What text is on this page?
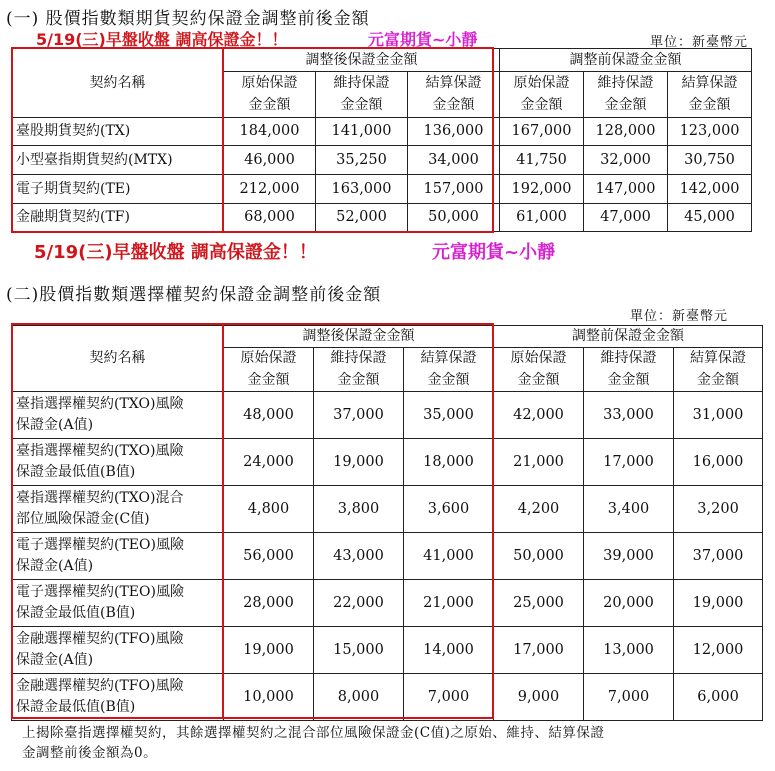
(一) 股價指數類期貨契約保證金調整前後金額
5/19(三)早盤收盤 調高保證金！！	元富期貨~小靜	單位：新臺幣元
契約名稱	調整後保證金金額			調整前保證金金額		
	原始保證	維持保證	結算保證	原始保證	維持保證	結算保證
	金金額	金金額	金金額	金金額	金金額	金金額
臺股期貨契約(TX)	184,000	141,000	136,000	167,000	128,000	123,000
小型臺指期貨契約(MTX)	46,000	35,250	34,000	41,750	32,000	30,750
電子期貨契約(TE)	212,000	163,000	157,000	192,000	147,000	142,000
金融期貨契約(TF)	68,000	52,000	50,000	61,000	47,000	45,000
5/19(三)早盤收盤 調高保證金！！	元富期貨~小靜
(二)股價指數類選擇權契約保證金調整前後金額
單位：新臺幣元
契約名稱	調整後保證金金額			調整前保證金金額		
	原始保證	維持保證	結算保證	原始保證	維持保證	結算保證
	金金額	金金額	金金額	金金額	金金額	金金額

臺指選擇權契約(TXO)風險
保證金(A值)	48,000	37,000	35,000	42,000	33,000	31,000

臺指選擇權契約(TXO)風險
保證金最低值(B值)	24,000	19,000	18,000	21,000	17,000	16,000

臺指選擇權契約(TXO)混合
部位風險保證金(C值)	4,800	3,800	3,600	4,200	3,400	3,200

電子選擇權契約(TEO)風險
保證金(A值)	56,000	43,000	41,000	50,000	39,000	37,000

電子選擇權契約(TEO)風險
保證金最低值(B值)	28,000	22,000	21,000	25,000	20,000	19,000

金融選擇權契約(TFO)風險
保證金(A值)	19,000	15,000	14,000	17,000	13,000	12,000

金融選擇權契約(TFO)風險
保證金最低值(B值)	10,000	8,000	7,000	9,000	7,000	6,000
上揭除臺指選擇權契約，其餘選擇權契約之混合部位風險保證金(C值)之原始、維持、結算保證
金調整前後金額為0。
